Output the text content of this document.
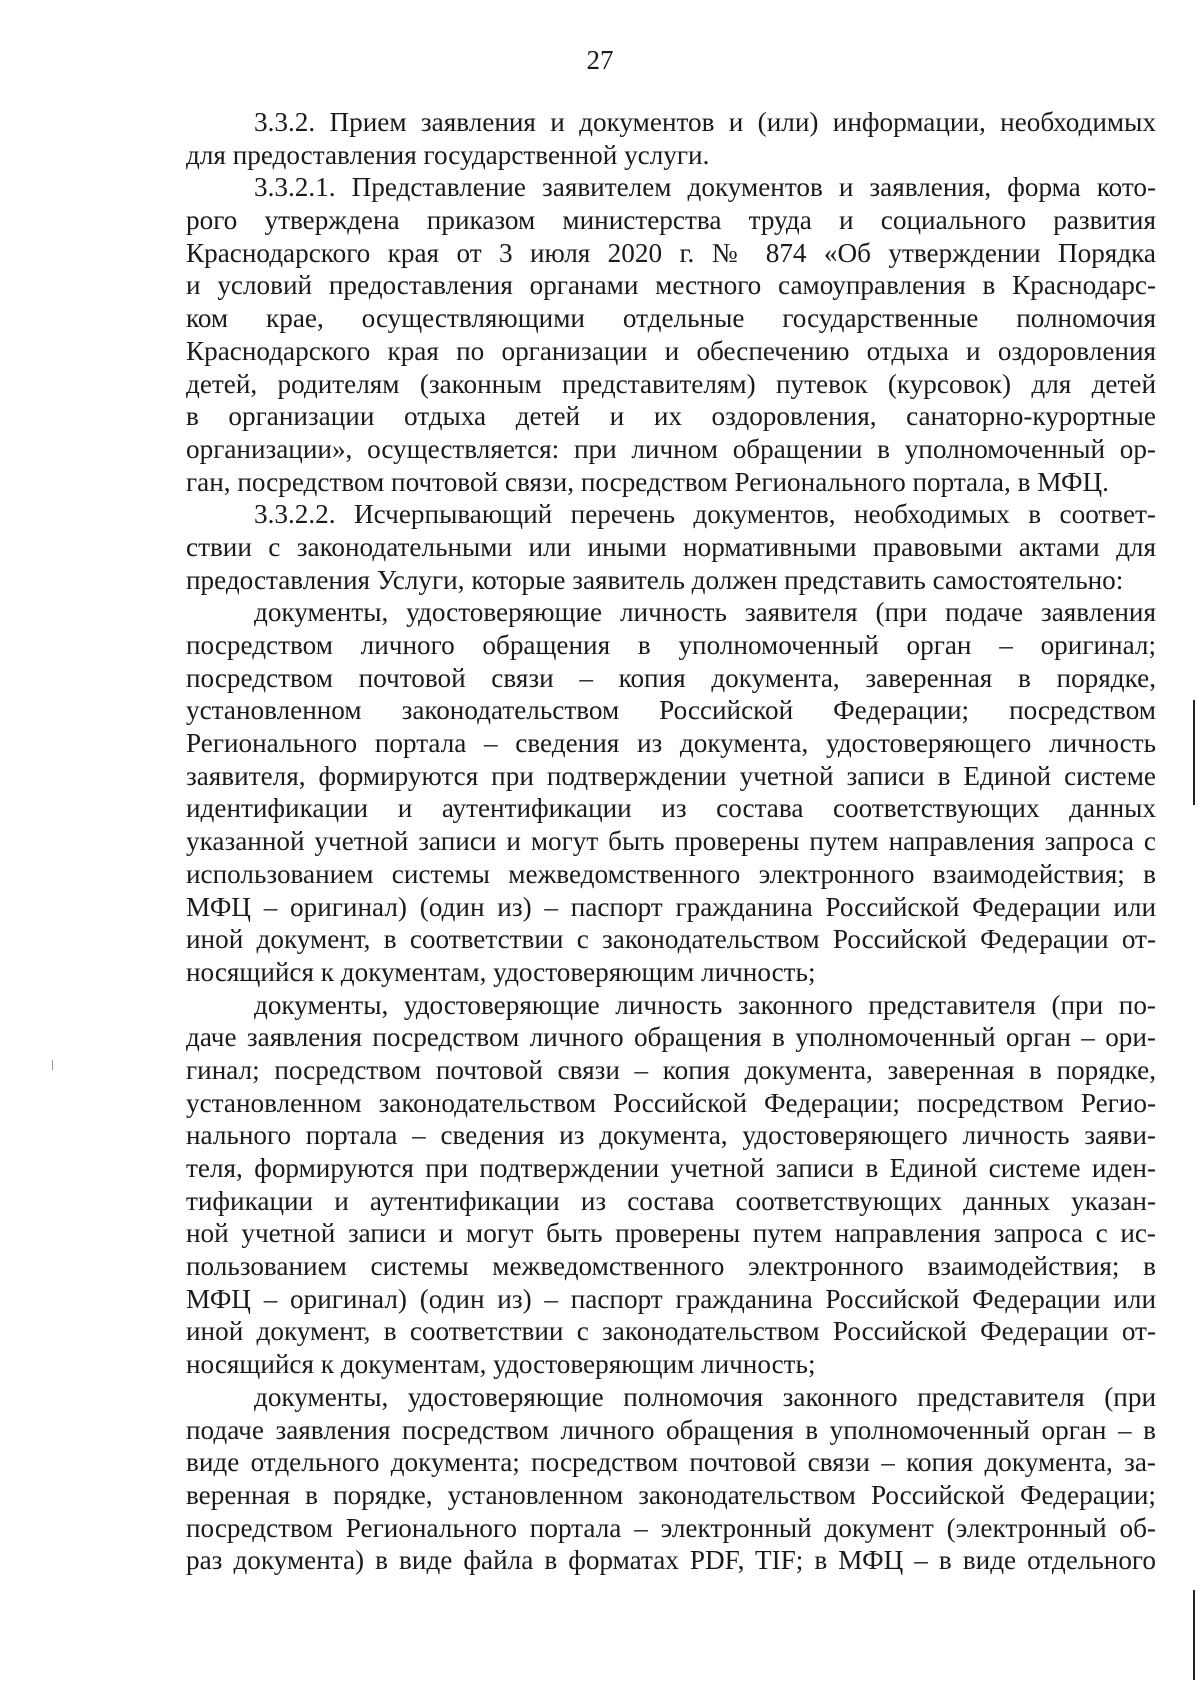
27
3.3.2. Прием заявления и документов и (или) информации, необходимых
для предоставления государственной услуги.
3.3.2.1. Представление заявителем документов и заявления, форма кото-
рого утверждена приказом министерства труда и социального развития
Краснодарского края от 3 июля 2020 г. № 874 «Об утверждении Порядка
и условий предоставления органами местного самоуправления в Краснодарс-
ком крае, осуществляющими отдельные государственные полномочия
Краснодарского края по организации и обеспечению отдыха и оздоровления
детей, родителям (законным представителям) путевок (курсовок) для детей
в организации отдыха детей и их оздоровления, санаторно-курортные
организации», осуществляется: при личном обращении в уполномоченный ор-
ган, посредством почтовой связи, посредством Регионального портала, в МФЦ.
3.3.2.2. Исчерпывающий перечень документов, необходимых в соответ-
ствии с законодательными или иными нормативными правовыми актами для
предоставления Услуги, которые заявитель должен представить самостоятельно:
документы, удостоверяющие личность заявителя (при подаче заявления
посредством личного обращения в уполномоченный орган – оригинал;
посредством почтовой связи – копия документа, заверенная в порядке,
установленном законодательством Российской Федерации; посредством
Регионального портала – сведения из документа, удостоверяющего личность
заявителя, формируются при подтверждении учетной записи в Единой системе
идентификации и аутентификации из состава соответствующих данных
указанной учетной записи и могут быть проверены путем направления запроса с
использованием системы межведомственного электронного взаимодействия; в
МФЦ – оригинал) (один из) – паспорт гражданина Российской Федерации или
иной документ, в соответствии с законодательством Российской Федерации от-
носящийся к документам, удостоверяющим личность;
документы, удостоверяющие личность законного представителя (при по-
даче заявления посредством личного обращения в уполномоченный орган – ори-
гинал; посредством почтовой связи – копия документа, заверенная в порядке,
установленном законодательством Российской Федерации; посредством Регио-
нального портала – сведения из документа, удостоверяющего личность заяви-
теля, формируются при подтверждении учетной записи в Единой системе иден-
тификации и аутентификации из состава соответствующих данных указан-
ной учетной записи и могут быть проверены путем направления запроса с ис-
пользованием системы межведомственного электронного взаимодействия; в
МФЦ – оригинал) (один из) – паспорт гражданина Российской Федерации или
иной документ, в соответствии с законодательством Российской Федерации от-
носящийся к документам, удостоверяющим личность;
документы, удостоверяющие полномочия законного представителя (при
подаче заявления посредством личного обращения в уполномоченный орган – в
виде отдельного документа; посредством почтовой связи – копия документа, за-
веренная в порядке, установленном законодательством Российской Федерации;
посредством Регионального портала – электронный документ (электронный об-
раз документа) в виде файла в форматах PDF, TIF; в МФЦ – в виде отдельного
